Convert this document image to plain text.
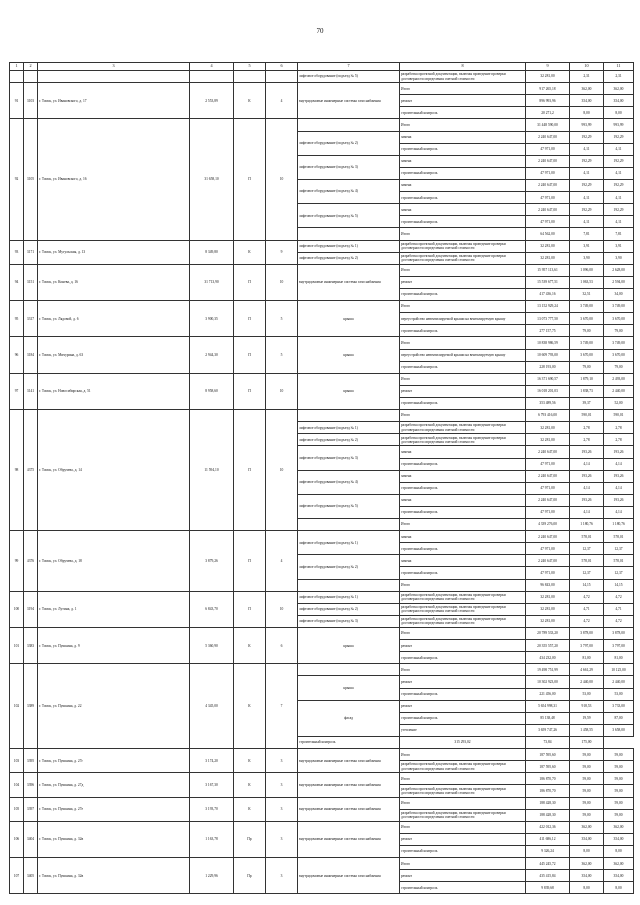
70
1	2	3	4	5	6	7	8	9	10	11
						лифтовое оборудование (подъезд № 5)	разработка проектной документации, включая проведение проверки достоверности определения сметной стоимости	32 281,00	2,31	2,31
91	3103	г. Томск, ул. Ивановского, д. 17	2 553,89	К	4	внутридомовые инженерные системы газоснабжения	Итого	917 265,18	362,00	362,00
							ремонт	896 993,96	354,00	354,00
							строительный контроль	20 271,2	8,00	8,00
92	3105	г. Томск, ул. Ивановского, д. 16	31 658,10	П	10		Итого	31 448 590,00	993,99	993,99
						лифтовое оборудование (подъезд № 2)	замена	2 240 647,00	192,29	192,29
							строительный контроль	47 971,00	4,11	4,11
						лифтовое оборудование (подъезд № 3)	замена	2 240 647,00	192,29	192,29
							строительный контроль	47 971,00	4,11	4,11
						лифтовое оборудование (подъезд № 4)	замена	2 240 647,00	192,29	192,29
							строительный контроль	47 971,00	4,11	4,11
						лифтовое оборудование (подъезд № 5)	замена	2 240 647,00	192,29	192,29
							строительный контроль	47 971,00	4,11	4,11
							Итого	64 562,00	7,81	7,81
93	3171	г. Томск, ул. Мугульская, д. 13	8 349,80	К	9	лифтовое оборудование (подъезд № 1)	разработка проектной документации, включая проведение проверки достоверности определения сметной стоимости	32 281,00	3,91	3,91
						лифтовое оборудование (подъезд № 2)	разработка проектной документации, включая проведение проверки достоверности определения сметной стоимости	32 281,00	3,90	3,90
94	3151	г. Томск, ул. Конева, д. 16	31 713,90	П	10	внутридомовые инженерные системы газоснабжения	Итого	15 957 113,61	1 096,00	2 628,00
							ремонт	15 539 677,51	1 063,53	2 594,00
							строительный контроль	417 436,16	32,51	34,00
95	3317	г. Томск, ул. Лядовой, д. 6	3 900,35	П	5	крыша	Итого	13 152 929,24	3 749,00	3 749,00
							переустройство невентилируемой крыши на вентилируемую крышу	13 073 777,50	3 670,00	3 670,00
							строительный контроль	277 157,75	79,00	79,00
96	3184	г. Томск, ул. Мичурина, д. 63	2 944,30	П	5	крыша	Итого	10 838 986,59	3 749,00	3 749,00
							переустройство невентилируемой крыши на вентилируемую крышу	10 609 793,00	3 670,00	3 670,00
							строительный контроль	228 193,00	79,00	79,00
97	3141	г. Томск, ул. Новосибирская, д. 51	8 958,60	П	10	крыша	Итого	16 371 690,57	1 879,10	2 493,00
							ремонт	16 018 201,03	1 838,73	2 440,00
							строительный контроль	353 489,56	39,37	52,00
98	4375	г. Томск, ул. Обручева, д. 14	11 594,10	П	10		Итого	6 793 416,00	590,01	590,01
						лифтовое оборудование (подъезд № 1)	разработка проектной документации, включая проведение проверки достоверности определения сметной стоимости	32 281,00	2,78	2,78
						лифтовое оборудование (подъезд № 2)	разработка проектной документации, включая проведение проверки достоверности определения сметной стоимости	32 281,00	2,78	2,78
						лифтовое оборудование (подъезд № 3)	замена	2 240 647,00	193,26	193,26
							строительный контроль	47 971,00	4,14	4,14
						лифтовое оборудование (подъезд № 4)	замена	2 240 647,00	193,26	193,26
							строительный контроль	47 971,00	4,14	4,14
						лифтовое оборудование (подъезд № 5)	замена	2 240 647,00	193,26	193,26
							строительный контроль	47 971,00	4,14	4,14
							Итого	4 339 276,00	1 180,76	1 180,76
99	4376	г. Томск, ул. Обручева, д. 18	3 879,26	П	4	лифтовое оборудование (подъезд № 1)	замена	2 240 647,00	578,01	578,01
							строительный контроль	47 971,00	12,37	12,37
						лифтовое оборудование (подъезд № 2)	замена	2 240 647,00	578,01	578,01
							строительный контроль	47 971,00	12,37	12,37
							Итого	96 843,00	14,15	14,15
100	3194	г. Томск, ул. Лутина, д. 1	6 843,70	П	10	лифтовое оборудование (подъезд № 1)	разработка проектной документации, включая проведение проверки достоверности определения сметной стоимости	32 281,00	4,72	4,72
						лифтовое оборудование (подъезд № 2)	разработка проектной документации, включая проведение проверки достоверности определения сметной стоимости	32 281,00	4,71	4,71
						лифтовое оборудование (подъезд № 3)	разработка проектной документации, включая проведение проверки достоверности определения сметной стоимости	32 281,00	4,72	4,72
101	3383	г. Томск, ул. Пушкина, д. 9	5 360,90	К	6	крыша	Итого	20 789 533,20	3 878,00	3 878,00
							ремонт	20 355 557,20	3 797,00	3 797,00
							строительный контроль	434 232,00	81,00	81,00
102	3389	г. Томск, ул. Пушкина, д. 22	4 345,00	К	7		Итого	19 498 751,99	4 661,29	10 125,00
						крыша	ремонт	10 302 923,00	2 440,00	2 440,00
							строительный контроль	221 456,00	53,00	53,00
						фасад	ремонт	5 654 998,31	918,53	3 733,00
							строительный контроль	85 138,48	19,59	87,00
							утепление	3 659 747,26	1 458,55	3 658,00
						строительный контроль	315 293,02	73,84	175,00	
103	3395	г. Томск, ул. Пушкина, д. 27г	3 174,20	К	3	внутридомовые инженерные системы газоснабжения	Итого	187 595,60	59,00	59,00
							разработка проектной документации, включая проведение проверки достоверности определения сметной стоимости	187 595,60	59,00	59,00
104	3396	г. Томск, ул. Пушкина, д. 27д	3 167,30	К	3	внутридомовые инженерные системы газоснабжения	Итого	186 870,70	59,00	59,00
							разработка проектной документации, включая проведение проверки достоверности определения сметной стоимости	186 870,70	59,00	59,00
105	3397	г. Томск, ул. Пушкина, д. 27е	3 193,70	К	3	внутридомовые инженерные системы газоснабжения	Итого	188 428,30	59,00	59,00
							разработка проектной документации, включая проведение проверки достоверности определения сметной стоимости	188 428,30	59,00	59,00
106	3404	г. Томск, ул. Пушкина, д. 32в	1 163,78	Пр	3	внутридомовые инженерные системы газоснабжения	Итого	422 012,36	362,00	362,00
							ремонт	411 686,12	354,00	354,00
							строительный контроль	9 326,24	8,00	8,00
107	3405	г. Томск, ул. Пушкина, д. 32в	1 229,96	Пр	3	внутридомовые инженерные системы газоснабжения	Итого	445 245,72	362,00	362,00
							ремонт	435 415,84	354,00	354,00
							строительный контроль	9 839,68	8,00	8,00
